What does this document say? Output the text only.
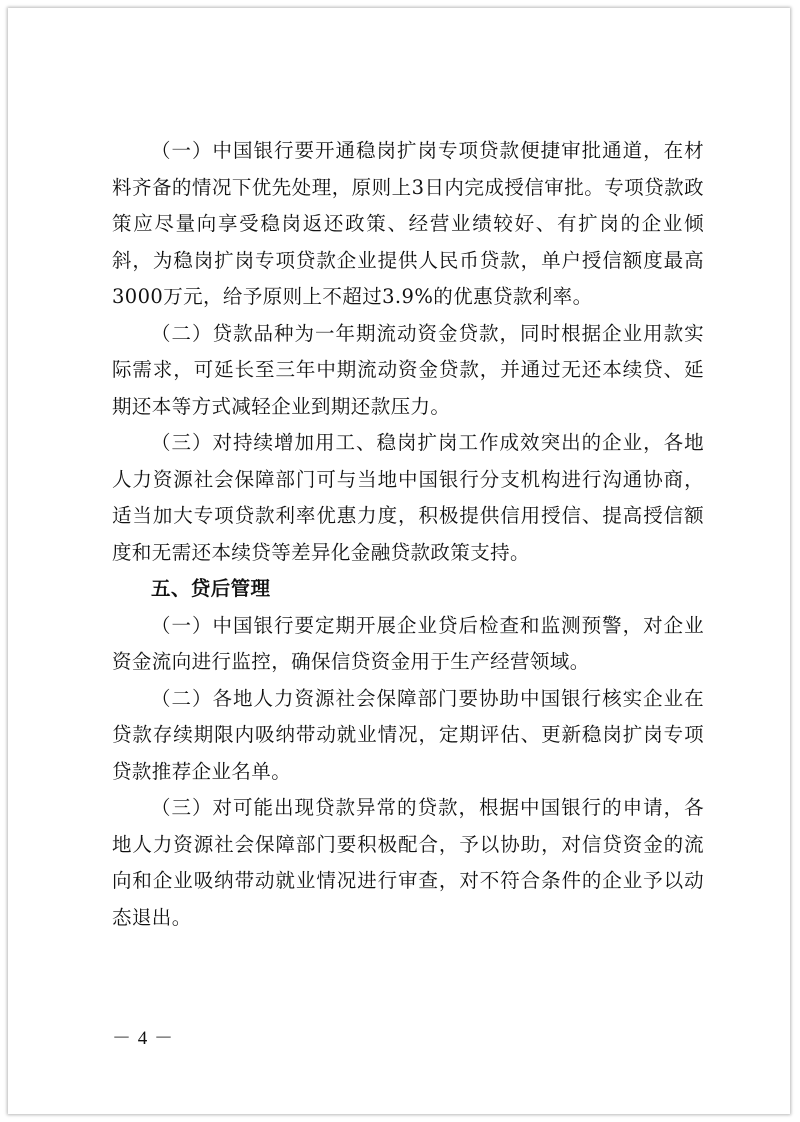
（一）中国银行要开通稳岗扩岗专项贷款便捷审批通道，在材料齐备的情况下优先处理，原则上3日内完成授信审批。专项贷款政策应尽量向享受稳岗返还政策、经营业绩较好、有扩岗的企业倾斜，为稳岗扩岗专项贷款企业提供人民币贷款，单户授信额度最高3000万元，给予原则上不超过3.9%的优惠贷款利率。

（二）贷款品种为一年期流动资金贷款，同时根据企业用款实际需求，可延长至三年中期流动资金贷款，并通过无还本续贷、延期还本等方式减轻企业到期还款压力。

（三）对持续增加用工、稳岗扩岗工作成效突出的企业，各地人力资源社会保障部门可与当地中国银行分支机构进行沟通协商，适当加大专项贷款利率优惠力度，积极提供信用授信、提高授信额度和无需还本续贷等差异化金融贷款政策支持。

五、贷后管理

（一）中国银行要定期开展企业贷后检查和监测预警，对企业资金流向进行监控，确保信贷资金用于生产经营领域。

（二）各地人力资源社会保障部门要协助中国银行核实企业在贷款存续期限内吸纳带动就业情况，定期评估、更新稳岗扩岗专项贷款推荐企业名单。

（三）对可能出现贷款异常的贷款，根据中国银行的申请，各地人力资源社会保障部门要积极配合，予以协助，对信贷资金的流向和企业吸纳带动就业情况进行审查，对不符合条件的企业予以动态退出。

－ 4 －
